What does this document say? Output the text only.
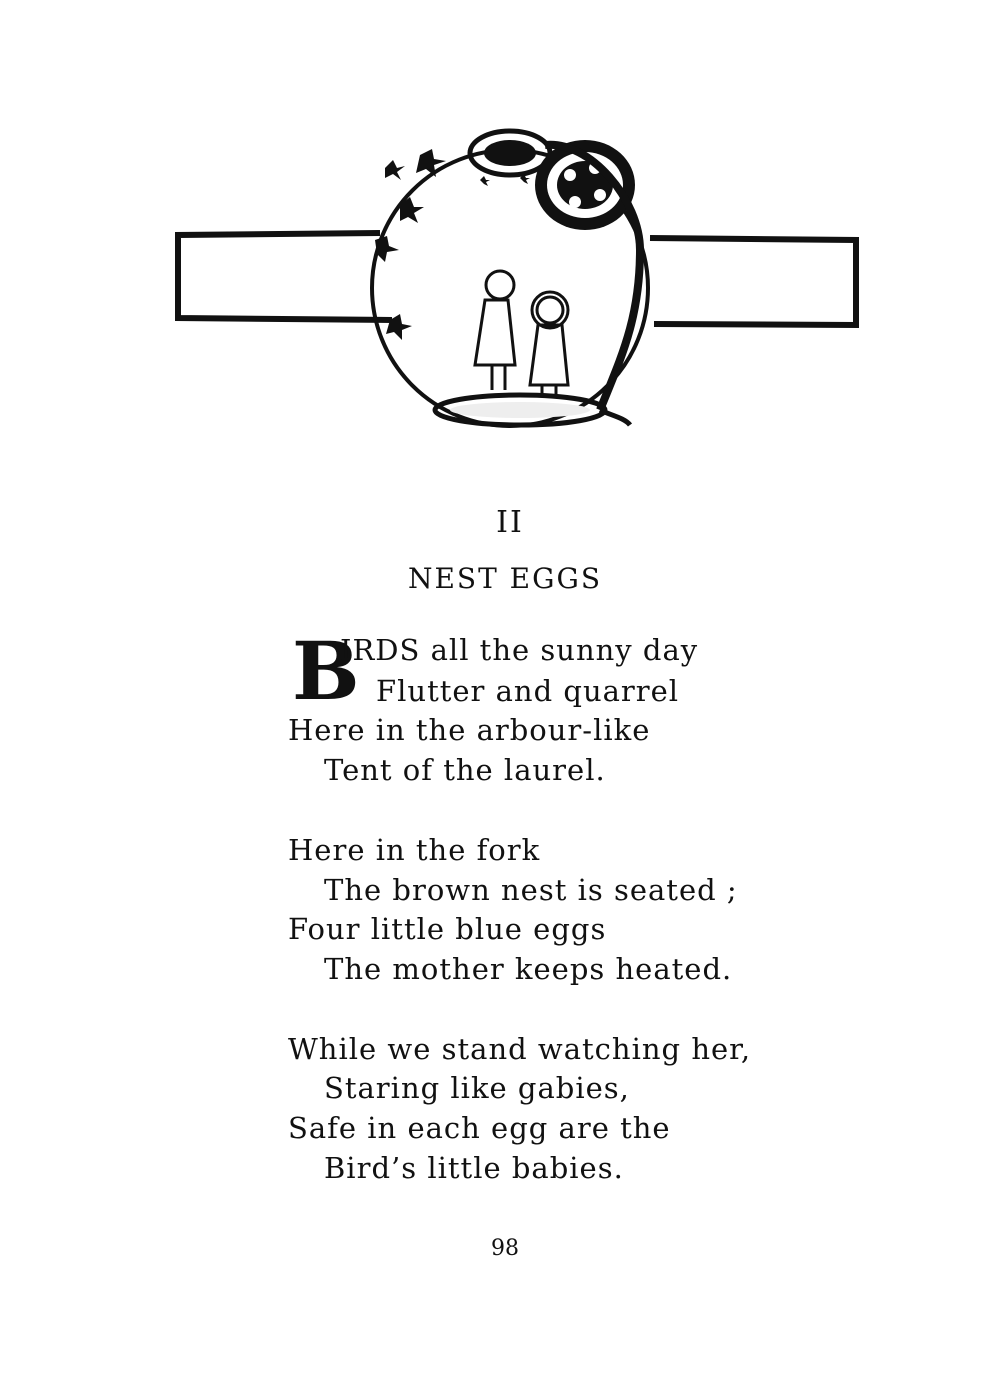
II
NEST EGGS
B
IRDS all the sunny day
Flutter and quarrel
Here in the arbour-like
Tent of the laurel.
Here in the fork
The brown nest is seated ;
Four little blue eggs
The mother keeps heated.
While we stand watching her,
Staring like gabies,
Safe in each egg are the
Bird’s little babies.
98
